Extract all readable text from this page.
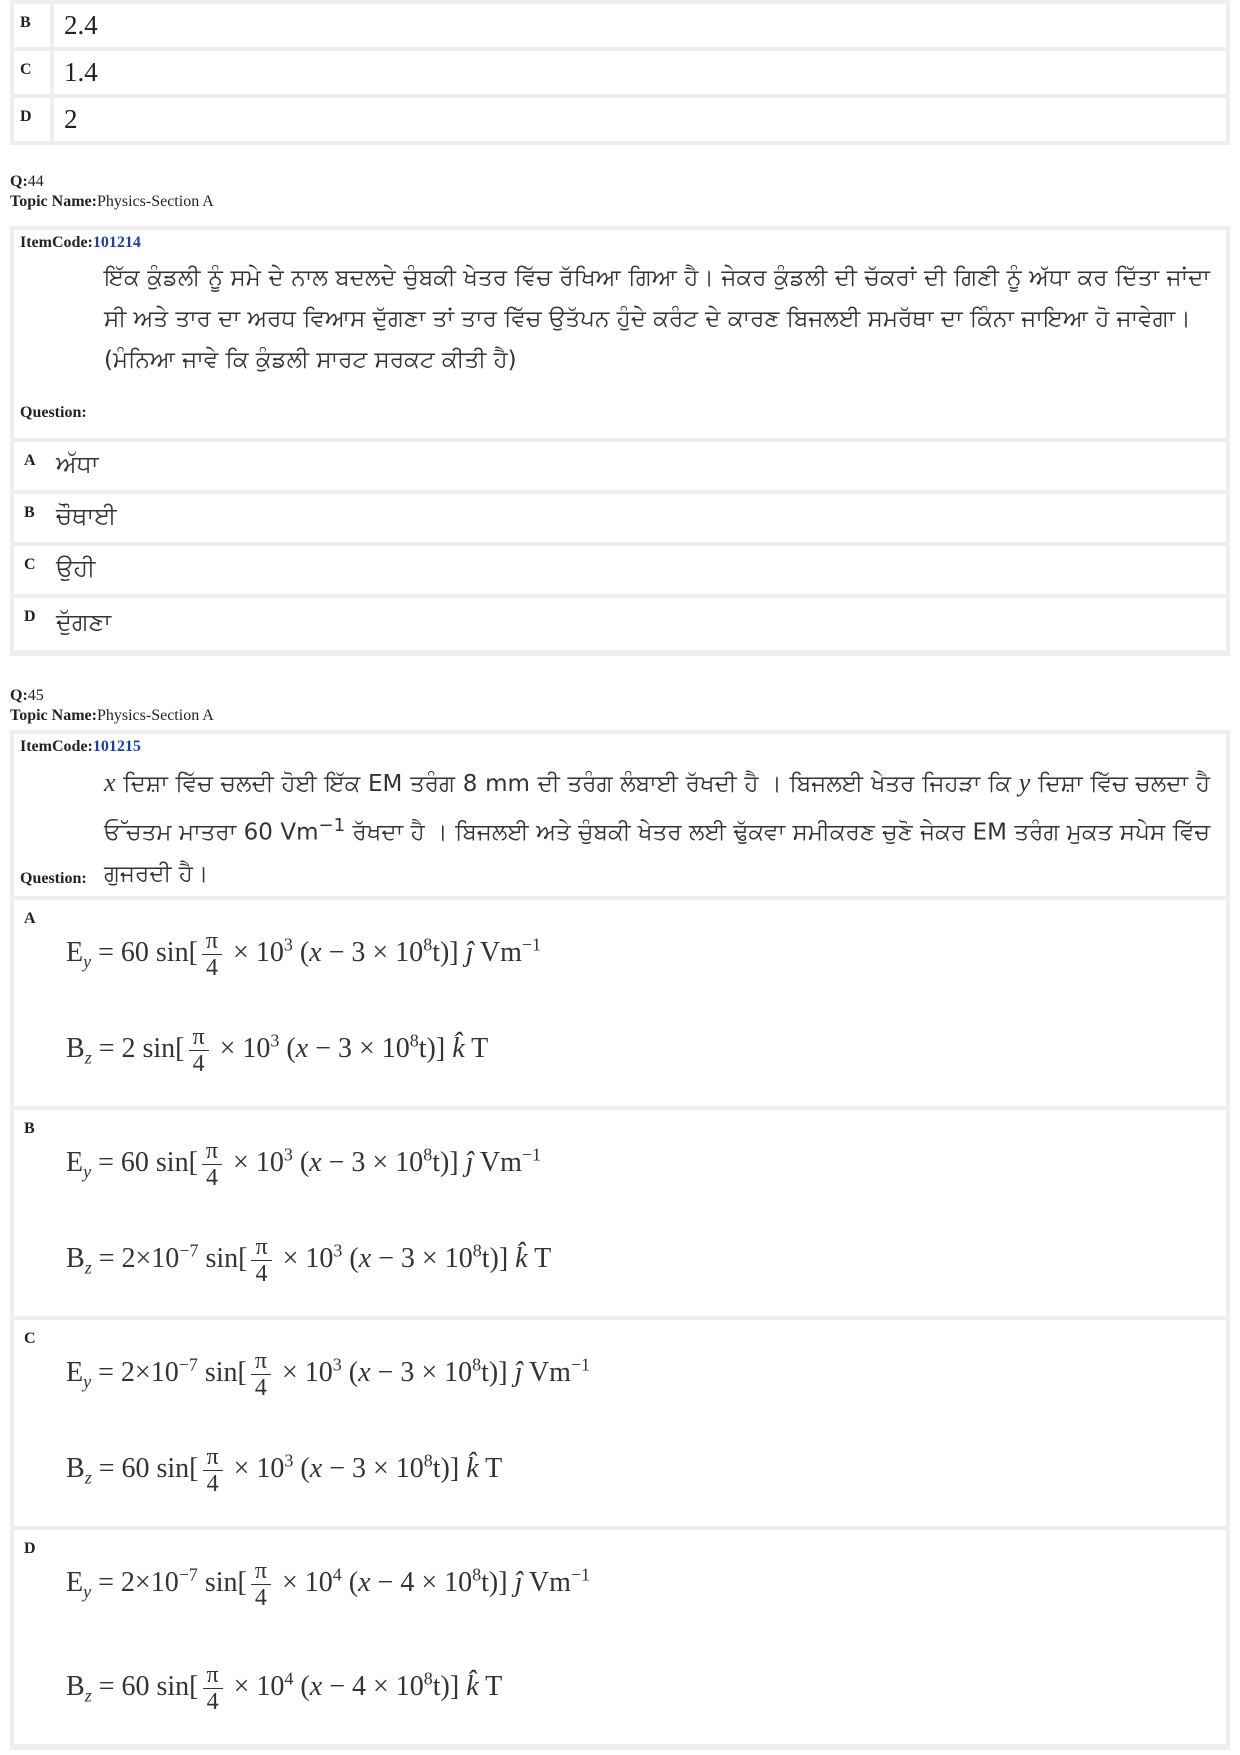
B	2.4
C	1.4
D	2
Q:44
Topic Name:Physics-Section A
ItemCode:101214
ਇੱਕ ਕੁੰਡਲੀ ਨੂੰ ਸਮੇ ਦੇ ਨਾਲ ਬਦਲਦੇ ਚੁੰਬਕੀ ਖੇਤਰ ਵਿੱਚ ਰੱਖਿਆ ਗਿਆ ਹੈ। ਜੇਕਰ ਕੁੰਡਲੀ ਦੀ ਚੱਕਰਾਂ ਦੀ ਗਿਣੀ ਨੂੰ ਅੱਧਾ ਕਰ ਦਿੱਤਾ ਜਾਂਦਾ ਸੀ ਅਤੇ ਤਾਰ ਦਾ ਅਰਧ ਵਿਆਸ ਦੁੱਗਣਾ ਤਾਂ ਤਾਰ ਵਿੱਚ ਉਤੱਪਨ ਹੁੰਦੇ ਕਰੰਟ ਦੇ ਕਾਰਣ ਬਿਜਲਈ ਸਮਰੱਥਾ ਦਾ ਕਿੰਨਾ ਜਾਇਆ ਹੋ ਜਾਵੇਗਾ।
(ਮੰਨਿਆ ਜਾਵੇ ਕਿ ਕੁੰਡਲੀ ਸਾਰਟ ਸਰਕਟ ਕੀਤੀ ਹੈ)
Question:
A ਅੱਧਾ
B ਚੌਥਾਈ
C ਉਹੀ
D ਦੁੱਗਣਾ
Q:45
Topic Name:Physics-Section A
ItemCode:101215
x ਦਿਸ਼ਾ ਵਿੱਚ ਚਲਦੀ ਹੋਈ ਇੱਕ EM ਤਰੰਗ 8 mm ਦੀ ਤਰੰਗ ਲੰਬਾਈ ਰੱਖਦੀ ਹੈ । ਬਿਜਲਈ ਖੇਤਰ ਜਿਹੜਾ ਕਿ y ਦਿਸ਼ਾ ਵਿੱਚ ਚਲਦਾ ਹੈ ਓੱਚਤਮ ਮਾਤਰਾ 60 $Vm^{-1}$ ਰੱਖਦਾ ਹੈ । ਬਿਜਲਈ ਅਤੇ ਚੁੰਬਕੀ ਖੇਤਰ ਲਈ ਢੁੱਕਵਾ ਸਮੀਕਰਣ ਚੁਣੋ ਜੇਕਰ EM ਤਰੰਗ ਮੁਕਤ ਸਪੇਸ ਵਿੱਚ ਗੁਜਰਦੀ ਹੈ।
Question:
A
$E_y = 60$ $\sin[ \frac{\pi}{4} \times 10^3$ $(x - 3 \times 10^8t)$] ĵ $Vm^{-1}$
$B_z = 2$ $\sin[ \frac{\pi}{4} \times 10^3$ $(x - 3 \times 10^8t)$] k̂ T
B
$E_y = 60$ $\sin[ \frac{\pi}{4} \times 10^3$ $(x - 3 \times 10^8t)$] ĵ $Vm^{-1}$
$B_z = 2\times 10^{-7}$ $\sin[ \frac{\pi}{4} \times 10^3$ $(x - 3 \times 10^8t)$] k̂ T
C
$E_y = 2\times 10^{-7}$ $\sin[ \frac{\pi}{4} \times 10^3$ $(x - 3 \times 10^8t)$] ĵ $Vm^{-1}$
$B_z = 60$ $\sin[ \frac{\pi}{4} \times 10^3$ $(x - 3 \times 10^8t)$] k̂ T
D
$E_y = 2\times 10^{-7}$ $\sin[ \frac{\pi}{4} \times 10^4$ $(x - 4 \times 10^8t)$] ĵ $Vm^{-1}$
$B_z = 60$ $\sin[ \frac{\pi}{4} \times 10^4$ $(x - 4 \times 10^8t)$] k̂ T
